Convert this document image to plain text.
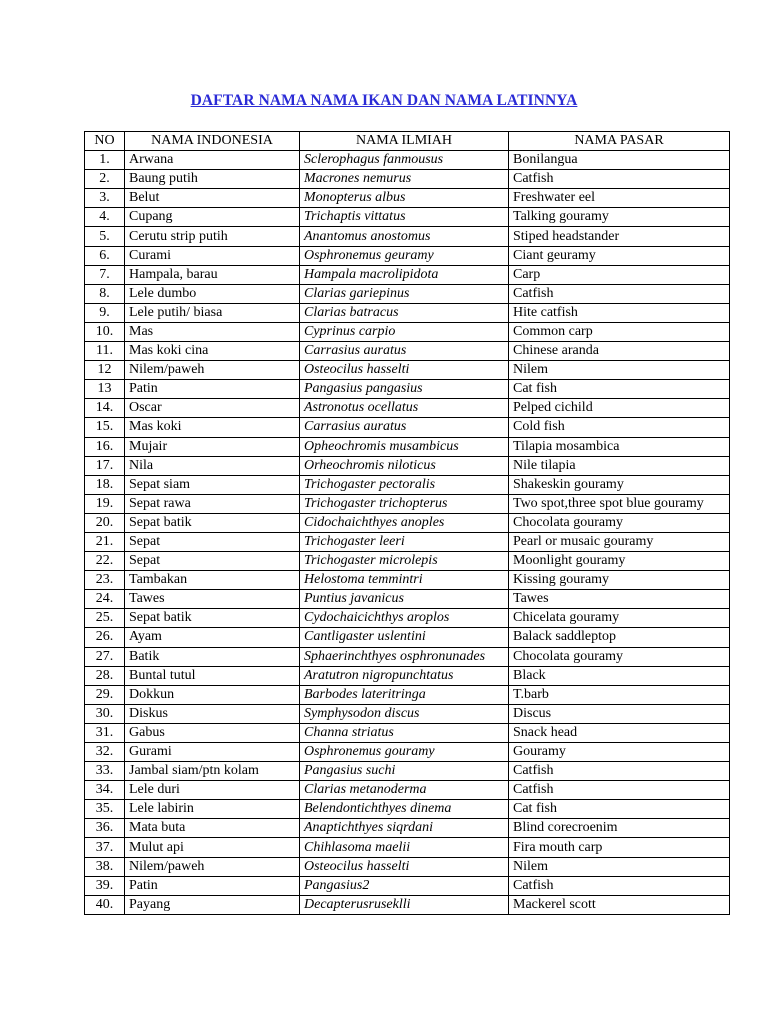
DAFTAR NAMA NAMA IKAN DAN NAMA LATINNYA
NO	NAMA INDONESIA	NAMA ILMIAH	NAMA PASAR
1.	Arwana	Sclerophagus fanmousus	Bonilangua
2.	Baung putih	Macrones nemurus	Catfish
3.	Belut	Monopterus albus	Freshwater eel
4.	Cupang	Trichaptis vittatus	Talking gouramy
5.	Cerutu strip putih	Anantomus anostomus	Stiped headstander
6.	Curami	Osphronemus geuramy	Ciant geuramy
7.	Hampala, barau	Hampala macrolipidota	Carp
8.	Lele dumbo	Clarias gariepinus	Catfish
9.	Lele putih/ biasa	Clarias batracus	Hite catfish
10.	Mas	Cyprinus carpio	Common carp
11.	Mas koki cina	Carrasius auratus	Chinese aranda
12	Nilem/paweh	Osteocilus hasselti	Nilem
13	Patin	Pangasius pangasius	Cat fish
14.	Oscar	Astronotus ocellatus	Pelped cichild
15.	Mas koki	Carrasius auratus	Cold fish
16.	Mujair	Opheochromis musambicus	Tilapia mosambica
17.	Nila	Orheochromis niloticus	Nile tilapia
18.	Sepat siam	Trichogaster pectoralis	Shakeskin gouramy
19.	Sepat rawa	Trichogaster trichopterus	Two spot,three spot blue gouramy
20.	Sepat batik	Cidochaichthyes anoples	Chocolata gouramy
21.	Sepat	Trichogaster leeri	Pearl or musaic gouramy
22.	Sepat	Trichogaster microlepis	Moonlight gouramy
23.	Tambakan	Helostoma temmintri	Kissing gouramy
24.	Tawes	Puntius javanicus	Tawes
25.	Sepat batik	Cydochaicichthys aroplos	Chicelata gouramy
26.	Ayam	Cantligaster uslentini	Balack saddleptop
27.	Batik	Sphaerinchthyes osphronunades	Chocolata gouramy
28.	Buntal tutul	Aratutron nigropunchtatus	Black
29.	Dokkun	Barbodes lateritringa	T.barb
30.	Diskus	Symphysodon discus	Discus
31.	Gabus	Channa striatus	Snack head
32.	Gurami	Osphronemus gouramy	Gouramy
33.	Jambal siam/ptn kolam	Pangasius suchi	Catfish
34.	Lele duri	Clarias metanoderma	Catfish
35.	Lele labirin	Belendontichthyes dinema	Cat fish
36.	Mata buta	Anaptichthyes siqrdani	Blind corecroenim
37.	Mulut api	Chihlasoma maelii	Fira mouth carp
38.	Nilem/paweh	Osteocilus hasselti	Nilem
39.	Patin	Pangasius2	Catfish
40.	Payang	Decapterusruseklli	Mackerel scott
